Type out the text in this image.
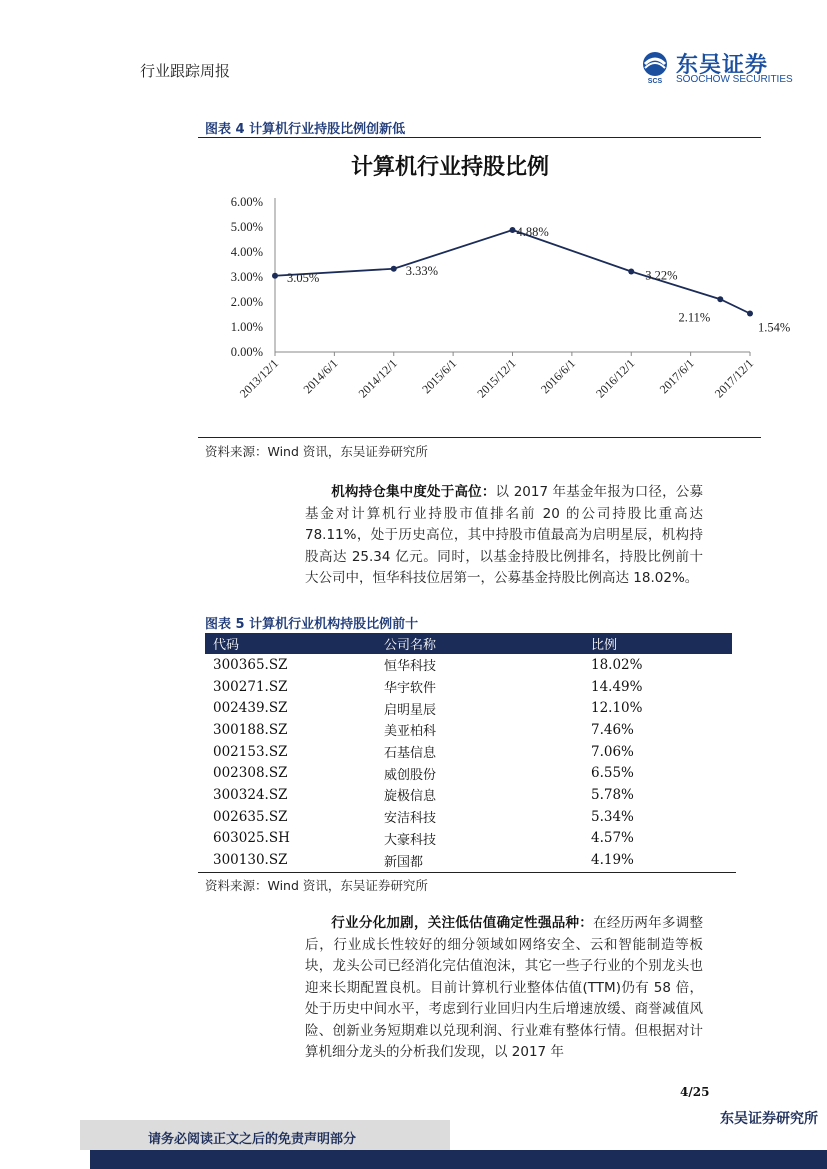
行业跟踪周报
SCS
东吴证券
SOOCHOW SECURITIES
图表 4 计算机行业持股比例创新低
计算机行业持股比例
0.00%
1.00%
2.00%
3.00%
4.00%
5.00%
6.00%
2013/12/1 2014/6/1 2014/12/1 2015/6/1 2015/12/1 2016/6/1 2016/12/1 2017/6/1 2017/12/1
3.05%	3.33%
4.88%
3.22%
2.11%
1.54%
资料来源：Wind 资讯，东吴证券研究所
机构持仓集中度处于高位：以 2017 年基金年报为口径，公募基金对计算机行业持股市值排名前 20 的公司持股比重高达 78.11%，处于历史高位，其中持股市值最高为启明星辰，机构持股高达 25.34 亿元。同时，以基金持股比例排名，持股比例前十大公司中，恒华科技位居第一，公募基金持股比例高达 18.02%。
图表 5 计算机行业机构持股比例前十
代码	公司名称	比例
300365.SZ	恒华科技	18.02%
300271.SZ	华宇软件	14.49%
002439.SZ	启明星辰	12.10%
300188.SZ	美亚柏科	7.46%
002153.SZ	石基信息	7.06%
002308.SZ	威创股份	6.55%
300324.SZ	旋极信息	5.78%
002635.SZ	安洁科技	5.34%
603025.SH	大豪科技	4.57%
300130.SZ	新国都	4.19%
资料来源：Wind 资讯，东吴证券研究所
行业分化加剧，关注低估值确定性强品种：在经历两年多调整后，行业成长性较好的细分领域如网络安全、云和智能制造等板块，龙头公司已经消化完估值泡沫，其它一些子行业的个别龙头也迎来长期配置良机。目前计算机行业整体估值(TTM)仍有 58 倍，处于历史中间水平，考虑到行业回归内生后增速放缓、商誉减值风险、创新业务短期难以兑现利润、行业难有整体行情。但根据对计算机细分龙头的分析我们发现，以 2017 年
4/25
东吴证券研究所
请务必阅读正文之后的免责声明部分
